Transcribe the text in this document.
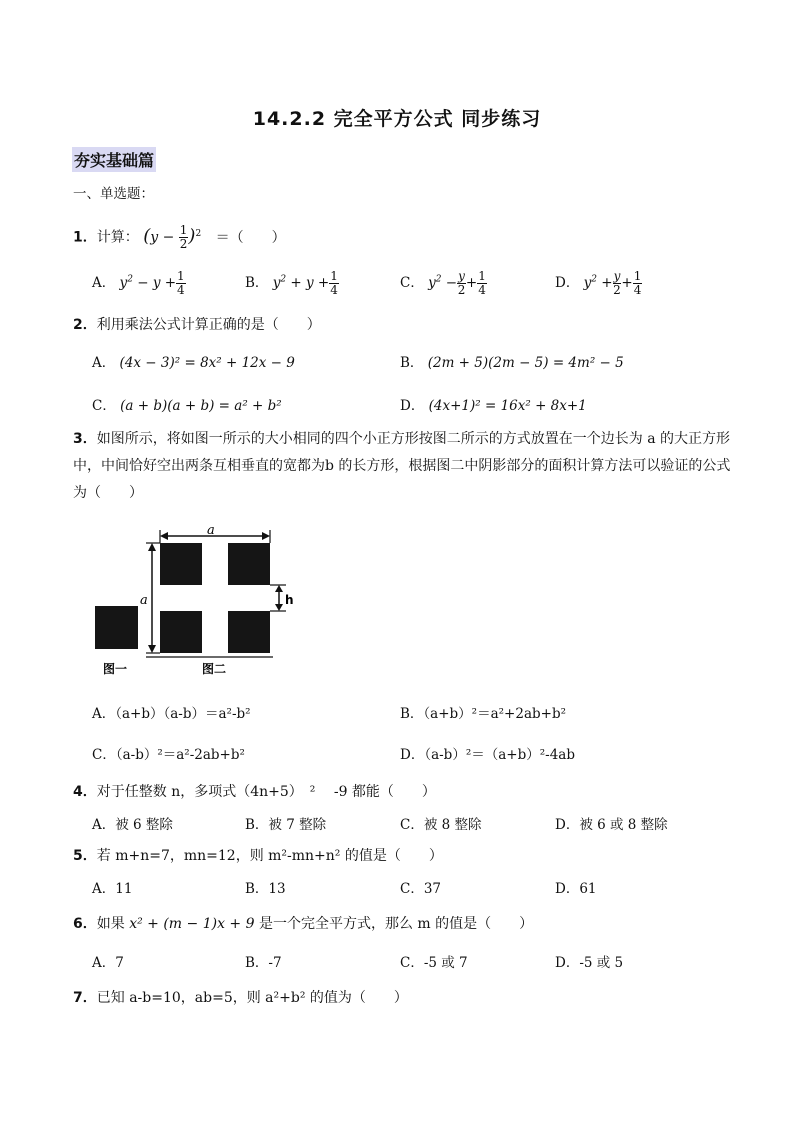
14.2.2 完全平方公式 同步练习
夯实基础篇
一、单选题：
1．计算： $(y - \frac{1}{2} )^2$ ＝（　　）
A． $y^2 - y + \frac{1}{4}$	B． $y^2 + y + \frac{1}{4}$	C． $y^2 - \frac{y}{2} + \frac{1}{4}$	D． $y^2 + \frac{y}{2} + \frac{1}{4}$
2．利用乘法公式计算正确的是（　　）
A． (4x − 3)² = 8x² + 12x − 9	B． (2m + 5)(2m − 5) = 4m² − 5
C． (a + b)(a + b) = a² + b²	D． (4x+1)² = 16x² + 8x+1
3．如图所示，将如图一所示的大小相同的四个小正方形按图二所示的方式放置在一个边长为 a 的大正方形中，中间恰好空出两条互相垂直的宽都为b 的长方形，根据图二中阴影部分的面积计算方法可以验证的公式为（　　）
a
a	h
图一	图二
A．（a+b）（a-b）＝a²-b²	B．（a+b）²＝a²+2ab+b²
C．（a-b）²＝a²-2ab+b²	D．（a-b）²＝（a+b）²-4ab
4．对于任整数 n，多项式（4n+5）　² 　-9 都能（　　）
A．被 6 整除	B．被 7 整除	C．被 8 整除	D．被 6 或 8 整除
5．若 m+n=7，mn=12，则 m²-mn+n² 的值是（　　）
A．11	B．13	C．37	D．61
6．如果 x² + (m − 1)x + 9 是一个完全平方式，那么 m 的值是（　　）
A．7	B．-7	C．-5 或 7	D．-5 或 5
7．已知 a-b=10，ab=5，则 a²+b² 的值为（　　）
